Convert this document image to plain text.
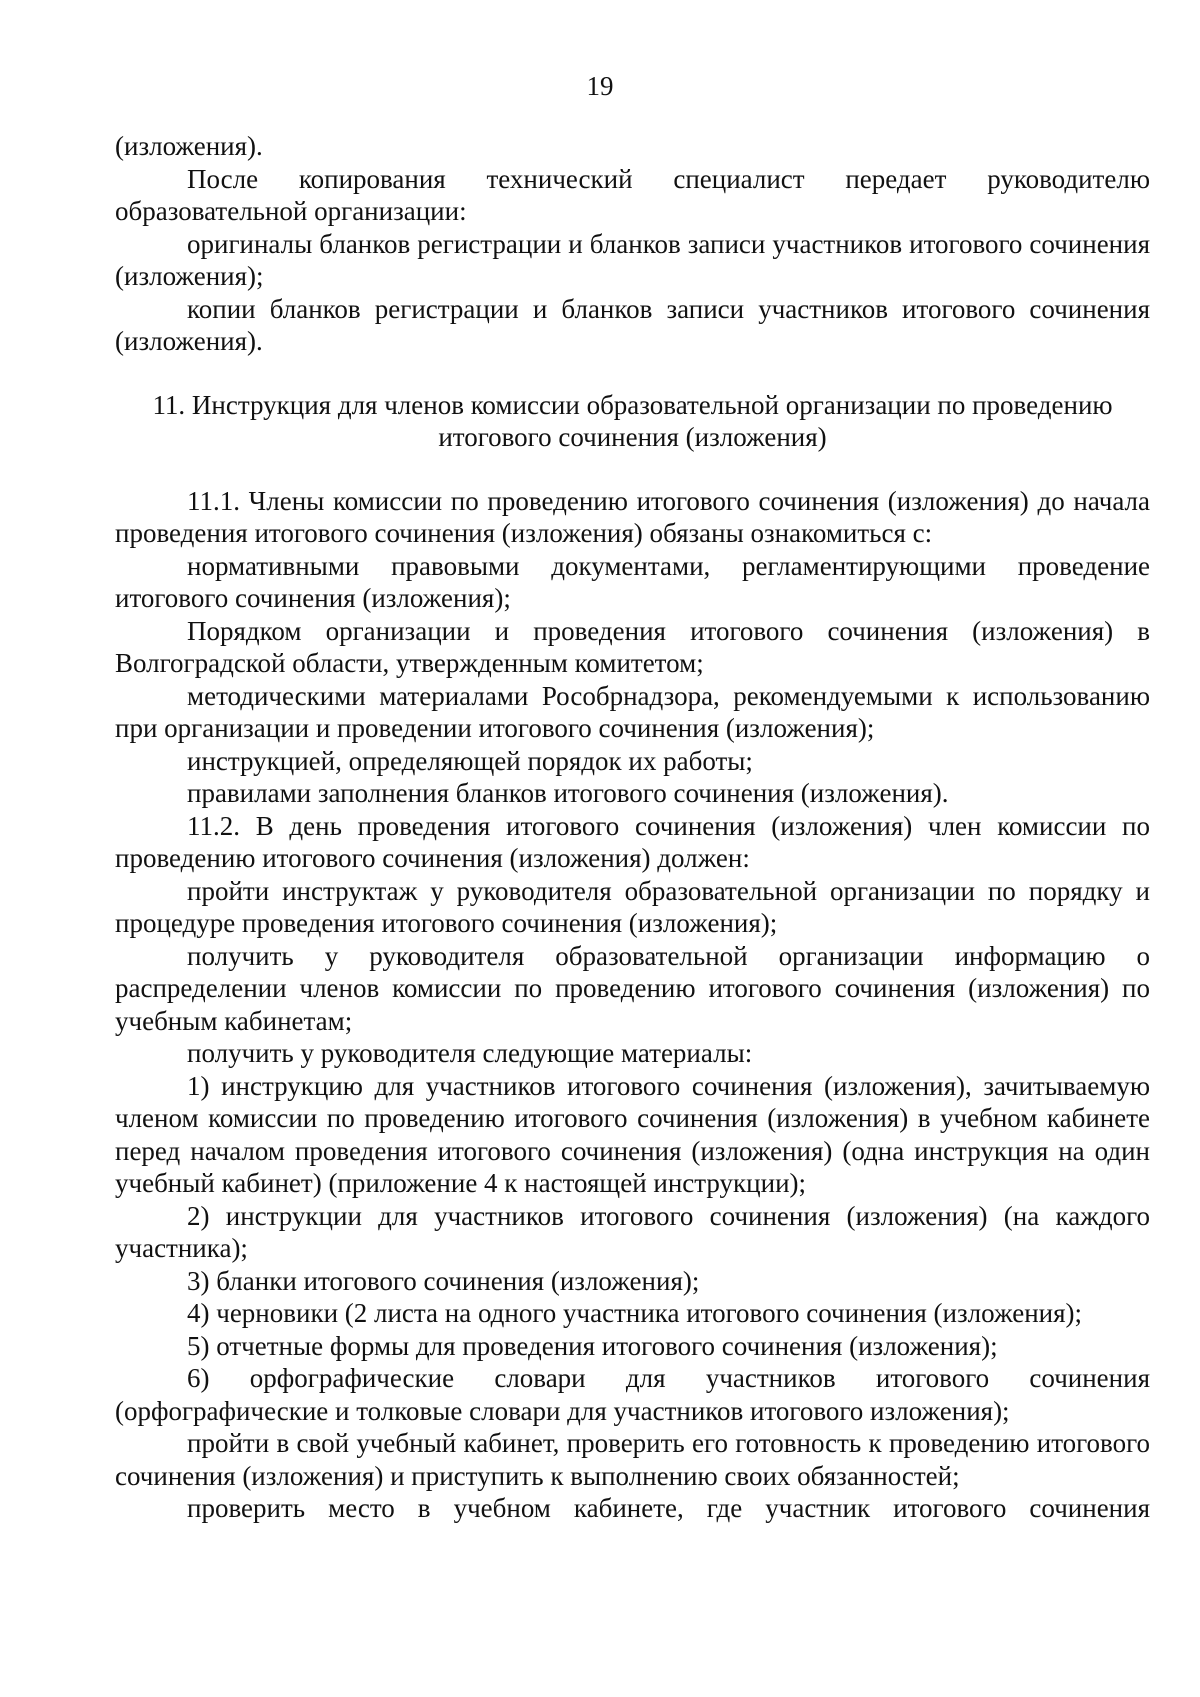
19

(изложения).

После копирования технический специалист передает руководителю образовательной организации:

оригиналы бланков регистрации и бланков записи участников итогового сочинения (изложения);

копии бланков регистрации и бланков записи участников итогового сочинения (изложения).

11. Инструкция для членов комиссии образовательной организации по проведению
итогового сочинения (изложения)

11.1. Члены комиссии по проведению итогового сочинения (изложения) до начала проведения итогового сочинения (изложения) обязаны ознакомиться с:

нормативными правовыми документами, регламентирующими проведение итогового сочинения (изложения);

Порядком организации и проведения итогового сочинения (изложения) в Волгоградской области, утвержденным комитетом;

методическими материалами Рособрнадзора, рекомендуемыми к использованию при организации и проведении итогового сочинения (изложения);

инструкцией, определяющей порядок их работы;

правилами заполнения бланков итогового сочинения (изложения).

11.2. В день проведения итогового сочинения (изложения) член комиссии по проведению итогового сочинения (изложения) должен:

пройти инструктаж у руководителя образовательной организации по порядку и процедуре проведения итогового сочинения (изложения);

получить у руководителя образовательной организации информацию о распределении членов комиссии по проведению итогового сочинения (изложения) по учебным кабинетам;

получить у руководителя следующие материалы:

1) инструкцию для участников итогового сочинения (изложения), зачитываемую членом комиссии по проведению итогового сочинения (изложения) в учебном кабинете перед началом проведения итогового сочинения (изложения) (одна инструкция на один учебный кабинет) (приложение 4 к настоящей инструкции);

2) инструкции для участников итогового сочинения (изложения) (на каждого участника);

3) бланки итогового сочинения (изложения);

4) черновики (2 листа на одного участника итогового сочинения (изложения);

5) отчетные формы для проведения итогового сочинения (изложения);

6) орфографические словари для участников итогового сочинения (орфографические и толковые словари для участников итогового изложения);

пройти в свой учебный кабинет, проверить его готовность к проведению итогового сочинения (изложения) и приступить к выполнению своих обязанностей;

проверить место в учебном кабинете, где участник итогового сочинения
